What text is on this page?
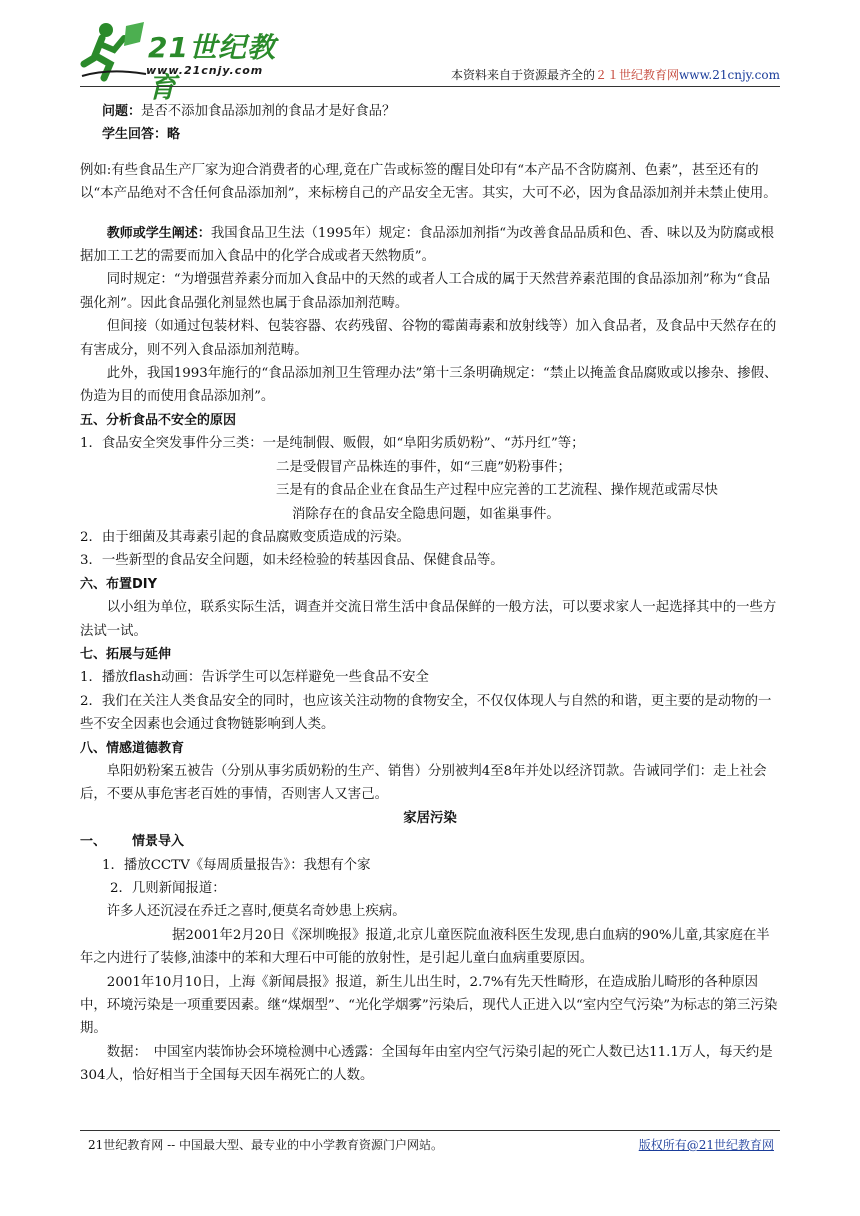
21世纪教育
www.21cnjy.com	本资料来自于资源最齐全的２１世纪教育网www.21cnjy.com

问题：是否不添加食品添加剂的食品才是好食品？

学生回答：略

例如:有些食品生产厂家为迎合消费者的心理,竟在广告或标签的醒目处印有“本产品不含防腐剂、色素”，甚至还有的以“本产品绝对不含任何食品添加剂”，来标榜自己的产品安全无害。其实，大可不必，因为食品添加剂并未禁止使用。

教师或学生阐述：我国食品卫生法（1995年）规定：食品添加剂指“为改善食品品质和色、香、味以及为防腐或根据加工工艺的需要而加入食品中的化学合成或者天然物质”。

同时规定：“为增强营养素分而加入食品中的天然的或者人工合成的属于天然营养素范围的食品添加剂”称为“食品强化剂”。因此食品强化剂显然也属于食品添加剂范畴。

但间接（如通过包装材料、包装容器、农药残留、谷物的霉菌毒素和放射线等）加入食品者，及食品中天然存在的有害成分，则不列入食品添加剂范畴。

此外，我国1993年施行的“食品添加剂卫生管理办法”第十三条明确规定：“禁止以掩盖食品腐败或以掺杂、掺假、伪造为目的而使用食品添加剂”。

五、分析食品不安全的原因

1．食品安全突发事件分三类：一是纯制假、贩假，如“阜阳劣质奶粉”、“苏丹红”等；

二是受假冒产品株连的事件，如“三鹿”奶粉事件；

三是有的食品企业在食品生产过程中应完善的工艺流程、操作规范或需尽快

消除存在的食品安全隐患问题，如雀巢事件。

2．由于细菌及其毒素引起的食品腐败变质造成的污染。

3．一些新型的食品安全问题，如未经检验的转基因食品、保健食品等。

六、布置DIY

以小组为单位，联系实际生活，调查并交流日常生活中食品保鲜的一般方法，可以要求家人一起选择其中的一些方法试一试。

七、拓展与延伸

1．播放flash动画：告诉学生可以怎样避免一些食品不安全

2．我们在关注人类食品安全的同时，也应该关注动物的食物安全，不仅仅体现人与自然的和谐，更主要的是动物的一些不安全因素也会通过食物链影响到人类。

八、情感道德教育

阜阳奶粉案五被告（分别从事劣质奶粉的生产、销售）分别被判4至8年并处以经济罚款。告诫同学们：走上社会后，不要从事危害老百姓的事情，否则害人又害己。

家居污染

一、 情景导入

1．播放CCTV《每周质量报告》：我想有个家

2．几则新闻报道：

许多人还沉浸在乔迁之喜时,便莫名奇妙患上疾病。

据2001年2月20日《深圳晚报》报道,北京儿童医院血液科医生发现,患白血病的90%儿童,其家庭在半年之内进行了装修,油漆中的苯和大理石中可能的放射性，是引起儿童白血病重要原因。

2001年10月10日，上海《新闻晨报》报道，新生儿出生时，2.7%有先天性畸形，在造成胎儿畸形的各种原因中，环境污染是一项重要因素。继“煤烟型”、“光化学烟雾”污染后，现代人正进入以“室内空气污染”为标志的第三污染期。

数据：　中国室内装饰协会环境检测中心透露：全国每年由室内空气污染引起的死亡人数已达11.1万人，每天约是304人，恰好相当于全国每天因车祸死亡的人数。

21世纪教育网 -- 中国最大型、最专业的中小学教育资源门户网站。	版权所有@21世纪教育网
